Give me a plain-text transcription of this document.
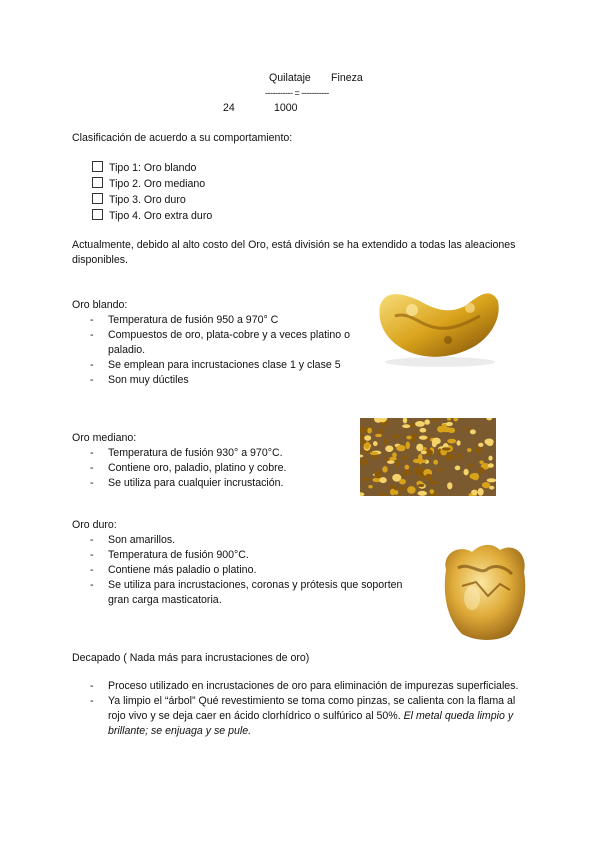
Quilataje Fineza
----------- = -----------
24	1000
Clasificación de acuerdo a su comportamiento:
Tipo 1: Oro blando
Tipo 2. Oro mediano
Tipo 3. Oro duro
Tipo 4. Oro extra duro
Actualmente, debido al alto costo del Oro, está división se ha extendido a todas las aleaciones disponibles.
Oro blando:
- Temperatura de fusión 950 a 970° C
- Compuestos de oro, plata-cobre y a veces platino o paladio.
- Se emplean para incrustaciones clase 1 y clase 5
- Son muy dúctiles
Oro mediano:
- Temperatura de fusión 930° a 970°C.
- Contiene oro, paladio, platino y cobre.
- Se utiliza para cualquier incrustación.
Oro duro:
- Son amarillos.
- Temperatura de fusión 900°C.
- Contiene más paladio o platino.
- Se utiliza para incrustaciones, coronas y prótesis que soporten gran carga masticatoria.
Decapado ( Nada más para incrustaciones de oro)
- Proceso utilizado en incrustaciones de oro para eliminación de impurezas superficiales.
- Ya limpio el “árbol” Qué revestimiento se toma como pinzas, se calienta con la flama al rojo vivo y se deja caer en ácido clorhídrico o sulfúrico al 50%. El metal queda limpio y brillante; se enjuaga y se pule.
